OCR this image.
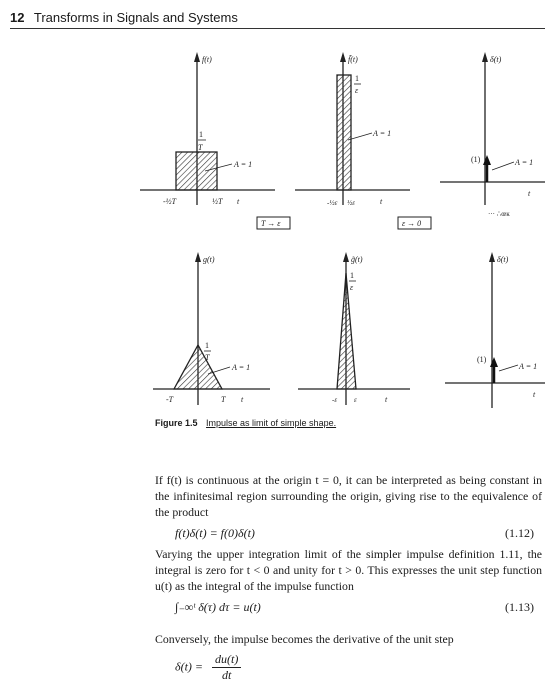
12 Transforms in Signals and Systems
f(t)
1
T
A = 1
-½T	½T t
f̃(t)
1
ε
A = 1
-½ε ½ε	t
δ(t)
(1)	A = 1
t
··· ∴œĸ
T → ε	ε → 0
g(t)
1
T
A = 1
-T	T t
g̃(t)
1
ε
-ε ε	t
δ(t)
(1)
A = 1
t
Figure 1.5 Impulse as limit of simple shape.
If f(t) is continuous at the origin t = 0, it can be interpreted as being constant in the infinitesimal region surrounding the origin, giving rise to the equivalence of the product
f(t)δ(t) = f(0)δ(t)	(1.12)
Varying the upper integration limit of the simpler impulse definition 1.11, the integral is zero for t < 0 and unity for t > 0. This expresses the unit step function u(t) as the integral of the impulse function
∫₋∞ᵗ δ(τ) dτ = u(t)	(1.13)
Conversely, the impulse becomes the derivative of the unit step
$\delta(t) = \frac{du(t)}{dt}$
